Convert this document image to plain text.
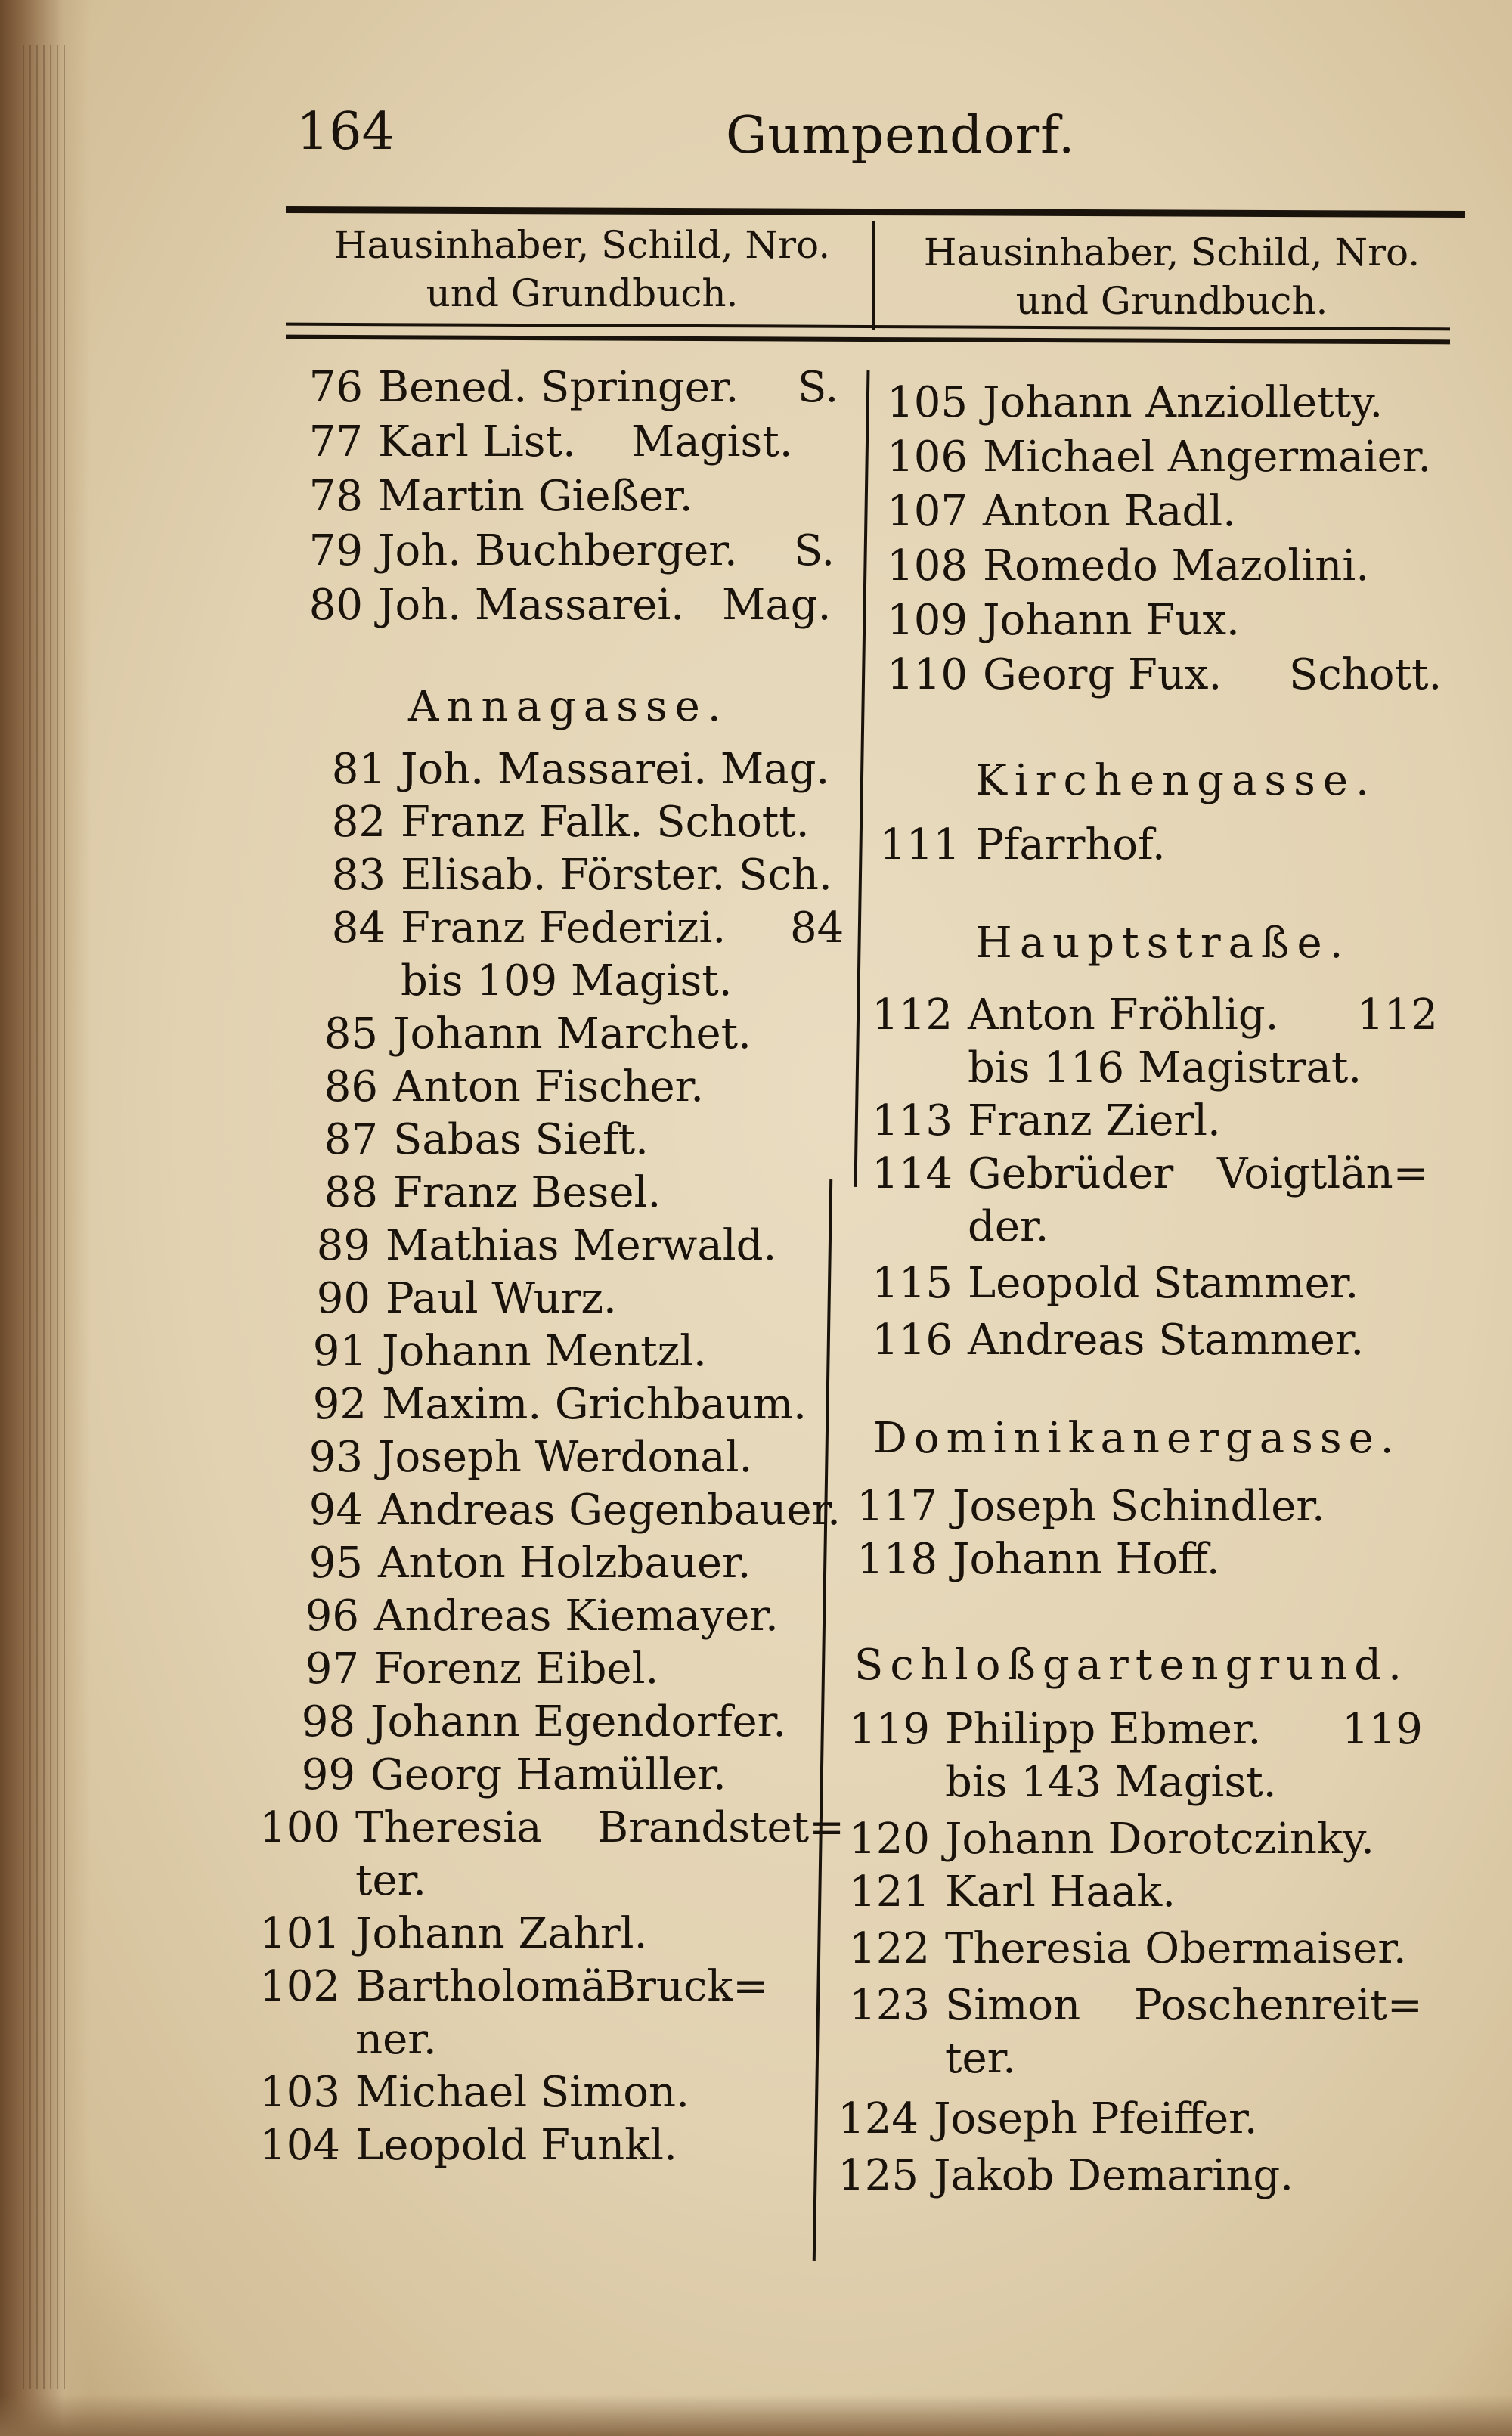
164	Gumpendorf.
Hausinhaber, Schild, Nro.
und Grundbuch.
Hausinhaber, Schild, Nro.
und Grundbuch.
76 Bened. Springer. S.
77 Karl List. Magist.
78 Martin Gießer.
79 Joh. Buchberger. S.
80 Joh. Massarei. Mag.
Annagasse.
81 Joh. Massarei. Mag.
82 Franz Falk. Schott.
83 Elisab. Förster. Sch.
84 Franz Federizi. 84
bis 109 Magist.
85 Johann Marchet.
86 Anton Fischer.
87 Sabas Sieft.
88 Franz Besel.
89 Mathias Merwald.
90 Paul Wurz.
91 Johann Mentzl.
92 Maxim. Grichbaum.
93 Joseph Werdonal.
94 Andreas Gegenbauer.
95 Anton Holzbauer.
96 Andreas Kiemayer.
97 Forenz Eibel.
98 Johann Egendorfer.
99 Georg Hamüller.
100 Theresia Brandstet=
ter.
101 Johann Zahrl.
102 Bartholomä
Bruck=
ner.
103 Michael Simon.
104 Leopold Funkl.
105 Johann Anziolletty.
106 Michael Angermaier.
107 Anton Radl.
108 Romedo Mazolini.
109 Johann Fux.
110 Georg Fux. Schott.
Kirchengasse.
111 Pfarrhof.
Hauptstraße.
112 Anton Fröhlig. 112
bis 116 Magistrat.
113 Franz Zierl.
114 Gebrüder Voigtlän=
der.
115 Leopold Stammer.
116 Andreas Stammer.
Dominikanergasse.
117 Joseph Schindler.
118 Johann Hoff.
Schloßgartengrund.
119 Philipp Ebmer. 119
bis 143 Magist.
120 Johann Dorotczinky.
121 Karl Haak.
122 Theresia Obermaiser.
123 Simon Poschenreit=
ter.
124 Joseph Pfeiffer.
125 Jakob Demaring.
